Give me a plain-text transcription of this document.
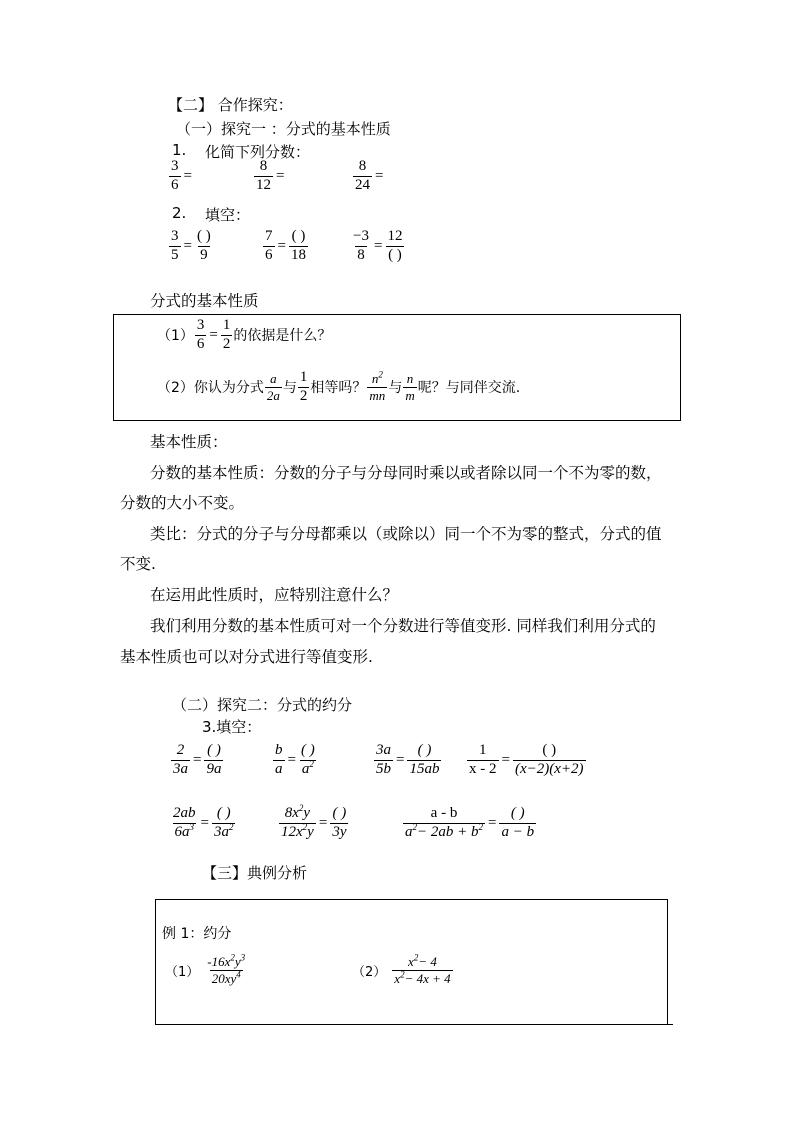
【二】 合作探究：
（一）探究一 ：分式的基本性质
1. 化简下列分数：
$\frac{3}{6}$ =	$\frac{8}{12}$ =	$\frac{8}{24}$ =
2. 填空：
$\frac{3}{5} = \frac{( )}{9}$	$\frac{7}{6} = \frac{( )}{18}$	$\frac{-3}{8} = \frac{12}{( )}$
分式的基本性质
$(1) \frac{3}{6} = \frac{1}{2}$ 的依据是什么？
（2） 你认为分式 $\frac{a}{2a}$ 与 $\frac{1}{2}$ 相等吗？ $\frac{n^2}{mn}$ 与 $\frac{n}{m}$ 呢？与同伴交流.
基本性质：
分数的基本性质：分数的分子与分母同时乘以或者除以同一个不为零的数，
分数的大小不变。
类比：分式的分子与分母都乘以（或除以）同一个不为零的整式，分式的值
不变.
在运用此性质时，应特别注意什么？
我们利用分数的基本性质可对一个分数进行等值变形. 同样我们利用分式的
基本性质也可以对分式进行等值变形.
（二）探究二：分式的约分
3.填空：
$\frac{2}{3a} = \frac{( )}{9a}$	$\frac{b}{a} = \frac{( )}{a^2}$	$\frac{3a}{5b} = \frac{( )}{15ab} \frac{1}{x - 2} = \frac{( )}{(x-2)(x+2)}$
$\frac{2ab}{6a^3} = \frac{( )}{3a^2}$	$\frac{8x^2y}{12x^2y} = \frac{( )}{3y}$	$\frac{a - b}{a^2- 2ab + b^2} = \frac{( )}{a - b}$
【三】典例分析
例 1：约分
$(1) \frac{-16x^2y^3}{20xy^4}$	$(2) \frac{x^2- 4}{x^2- 4x + 4}$
